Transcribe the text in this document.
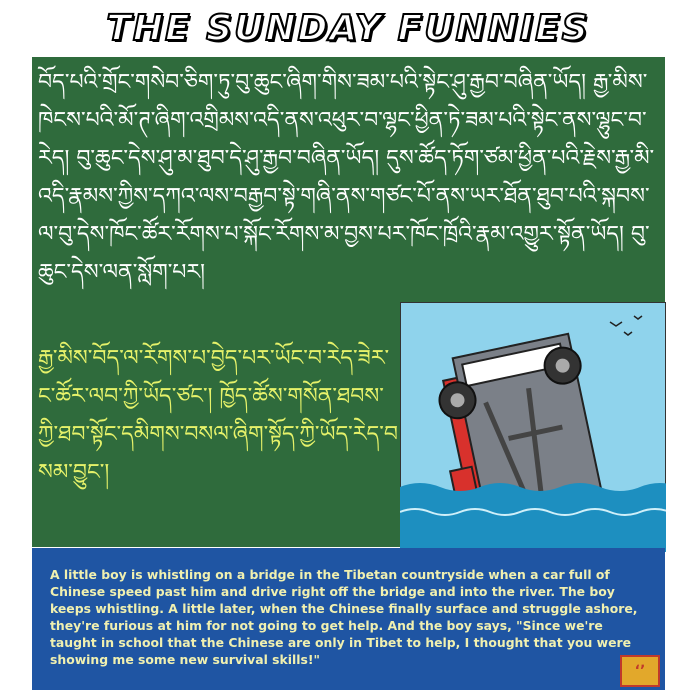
THE SUNDAY FUNNIES
བོད་པའི་གྲོང་གསེབ་ཅིག་ཏུ་བུ་ཆུང་ཞིག་གིས་ཟམ་པའི་སྟེང་ཤུ་རྒྱབ་བཞིན་ཡོད། རྒྱ་མིས་ཁེངས་པའི་མོ་ཊ་ཞིག་འགྲིམས་འདི་ནས་འཕུར་བ་ལྷང་ཕྱིན་ཏེ་ཟམ་པའི་སྟེང་ནས་ལྷུང་བ་རེད། བུ་ཆུང་དེས་ཤུ་མ་ཐུབ་དེ་ཤུ་རྒྱབ་བཞིན་ཡོད། དུས་ཚོད་ཏོག་ཙམ་ཕྱིན་པའི་རྗེས་རྒྱ་མི་འདི་རྣམས་ཀྱིས་དཀའ་ལས་བརྒྱབ་སྟེ་གཞི་ནས་གཙང་པོ་ནས་ཡར་ཐོན་ཐུབ་པའི་སྐབས་ལ་བུ་དེས་ཁོང་ཚོར་རོགས་པ་སྐོང་རོགས་མ་བྱས་པར་ཁོང་ཁྲོའི་རྣམ་འགྱུར་སྟོན་ཡོད། བུ་ཆུང་དེས་ལན་སློག་པར།
རྒྱ་མིས་བོད་ལ་རོགས་པ་བྱེད་པར་ཡོང་བ་རེད་ཟེར་ང་ཚོར་ལབ་ཀྱི་ཡོད་ཙང་། ཁྱོད་ཚོས་གསོན་ཐབས་ཀྱི་ཐབ་སྟོང་དམིགས་བསལ་ཞིག་སྟོད་ཀྱི་ཡོད་རེད་བསམ་བྱུང་།
A little boy is whistling on a bridge in the Tibetan countryside when a car full of Chinese speed past him and drive right off the bridge and into the river. The boy keeps whistling. A little later, when the Chinese finally surface and struggle ashore, they're furious at him for not going to get help. And the boy says, "Since we're taught in school that the Chinese are only in Tibet to help, I thought that you were showing me some new survival skills!"
ʻʼ
